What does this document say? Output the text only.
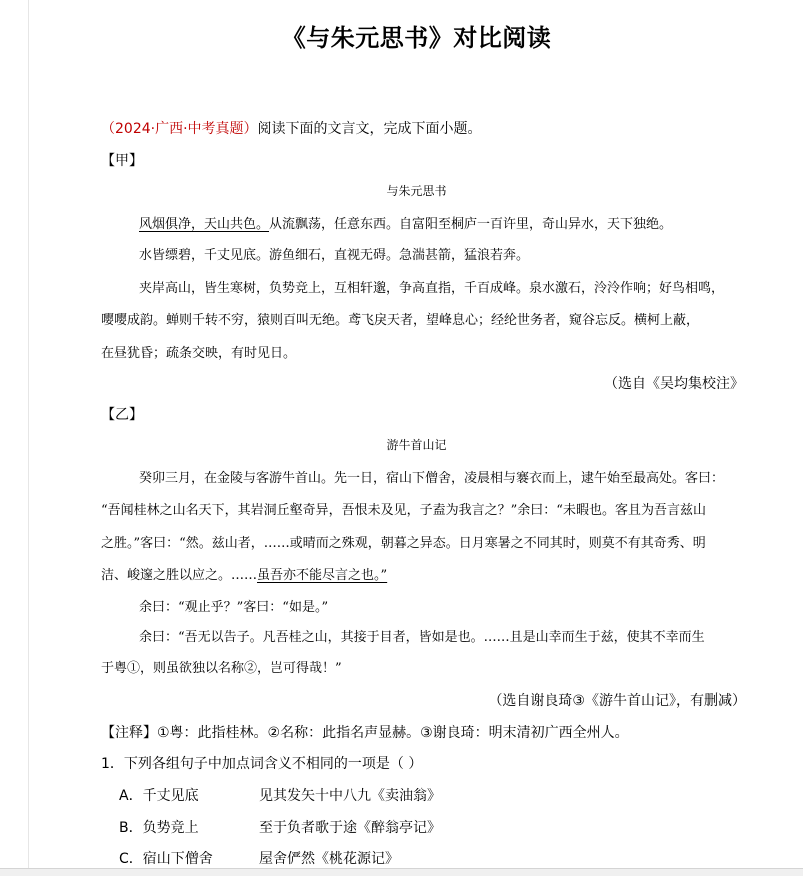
《与朱元思书》对比阅读
（2024·广西·中考真题）阅读下面的文言文，完成下面小题。
【甲】
与朱元思书
风烟俱净，天山共色。从流飘荡，任意东西。自富阳至桐庐一百许里，奇山异水，天下独绝。
水皆缥碧，千丈见底。游鱼细石，直视无碍。急湍甚箭，猛浪若奔。
夹岸高山，皆生寒树，负势竞上，互相轩邈，争高直指，千百成峰。泉水激石，泠泠作响；好鸟相鸣，
嘤嘤成韵。蝉则千转不穷，猿则百叫无绝。鸢飞戾天者，望峰息心；经纶世务者，窥谷忘反。横柯上蔽，
在昼犹昏；疏条交映，有时见日。
（选自《吴均集校注》
【乙】
游牛首山记
癸卯三月，在金陵与客游牛首山。先一日，宿山下僧舍，凌晨相与褰衣而上，逮午始至最高处。客曰：
“吾闻桂林之山名天下，其岩洞丘壑奇异，吾恨未及见，子盍为我言之？”余曰：“未暇也。客且为吾言兹山
之胜。”客曰：“然。兹山者，……或晴而之殊观，朝暮之异态。日月寒暑之不同其时，则莫不有其奇秀、明
洁、峻邃之胜以应之。……虽吾亦不能尽言之也。”
余曰：“观止乎？”客曰：“如是。”
余曰：“吾无以告子。凡吾桂之山，其接于目者，皆如是也。……且是山幸而生于兹，使其不幸而生
于粤①，则虽欲独以名称②，岂可得哉！”
（选自谢良琦③《游牛首山记》，有删减）
【注释】①粤：此指桂林。②名称：此指名声显赫。③谢良琦：明末清初广西全州人。
1．下列各组句子中加点词含义不相同的一项是（ ）
A．千丈见底	见其发矢十中八九《卖油翁》
B．负势竞上	至于负者歌于途《醉翁亭记》
C．宿山下僧舍	屋舍俨然《桃花源记》
